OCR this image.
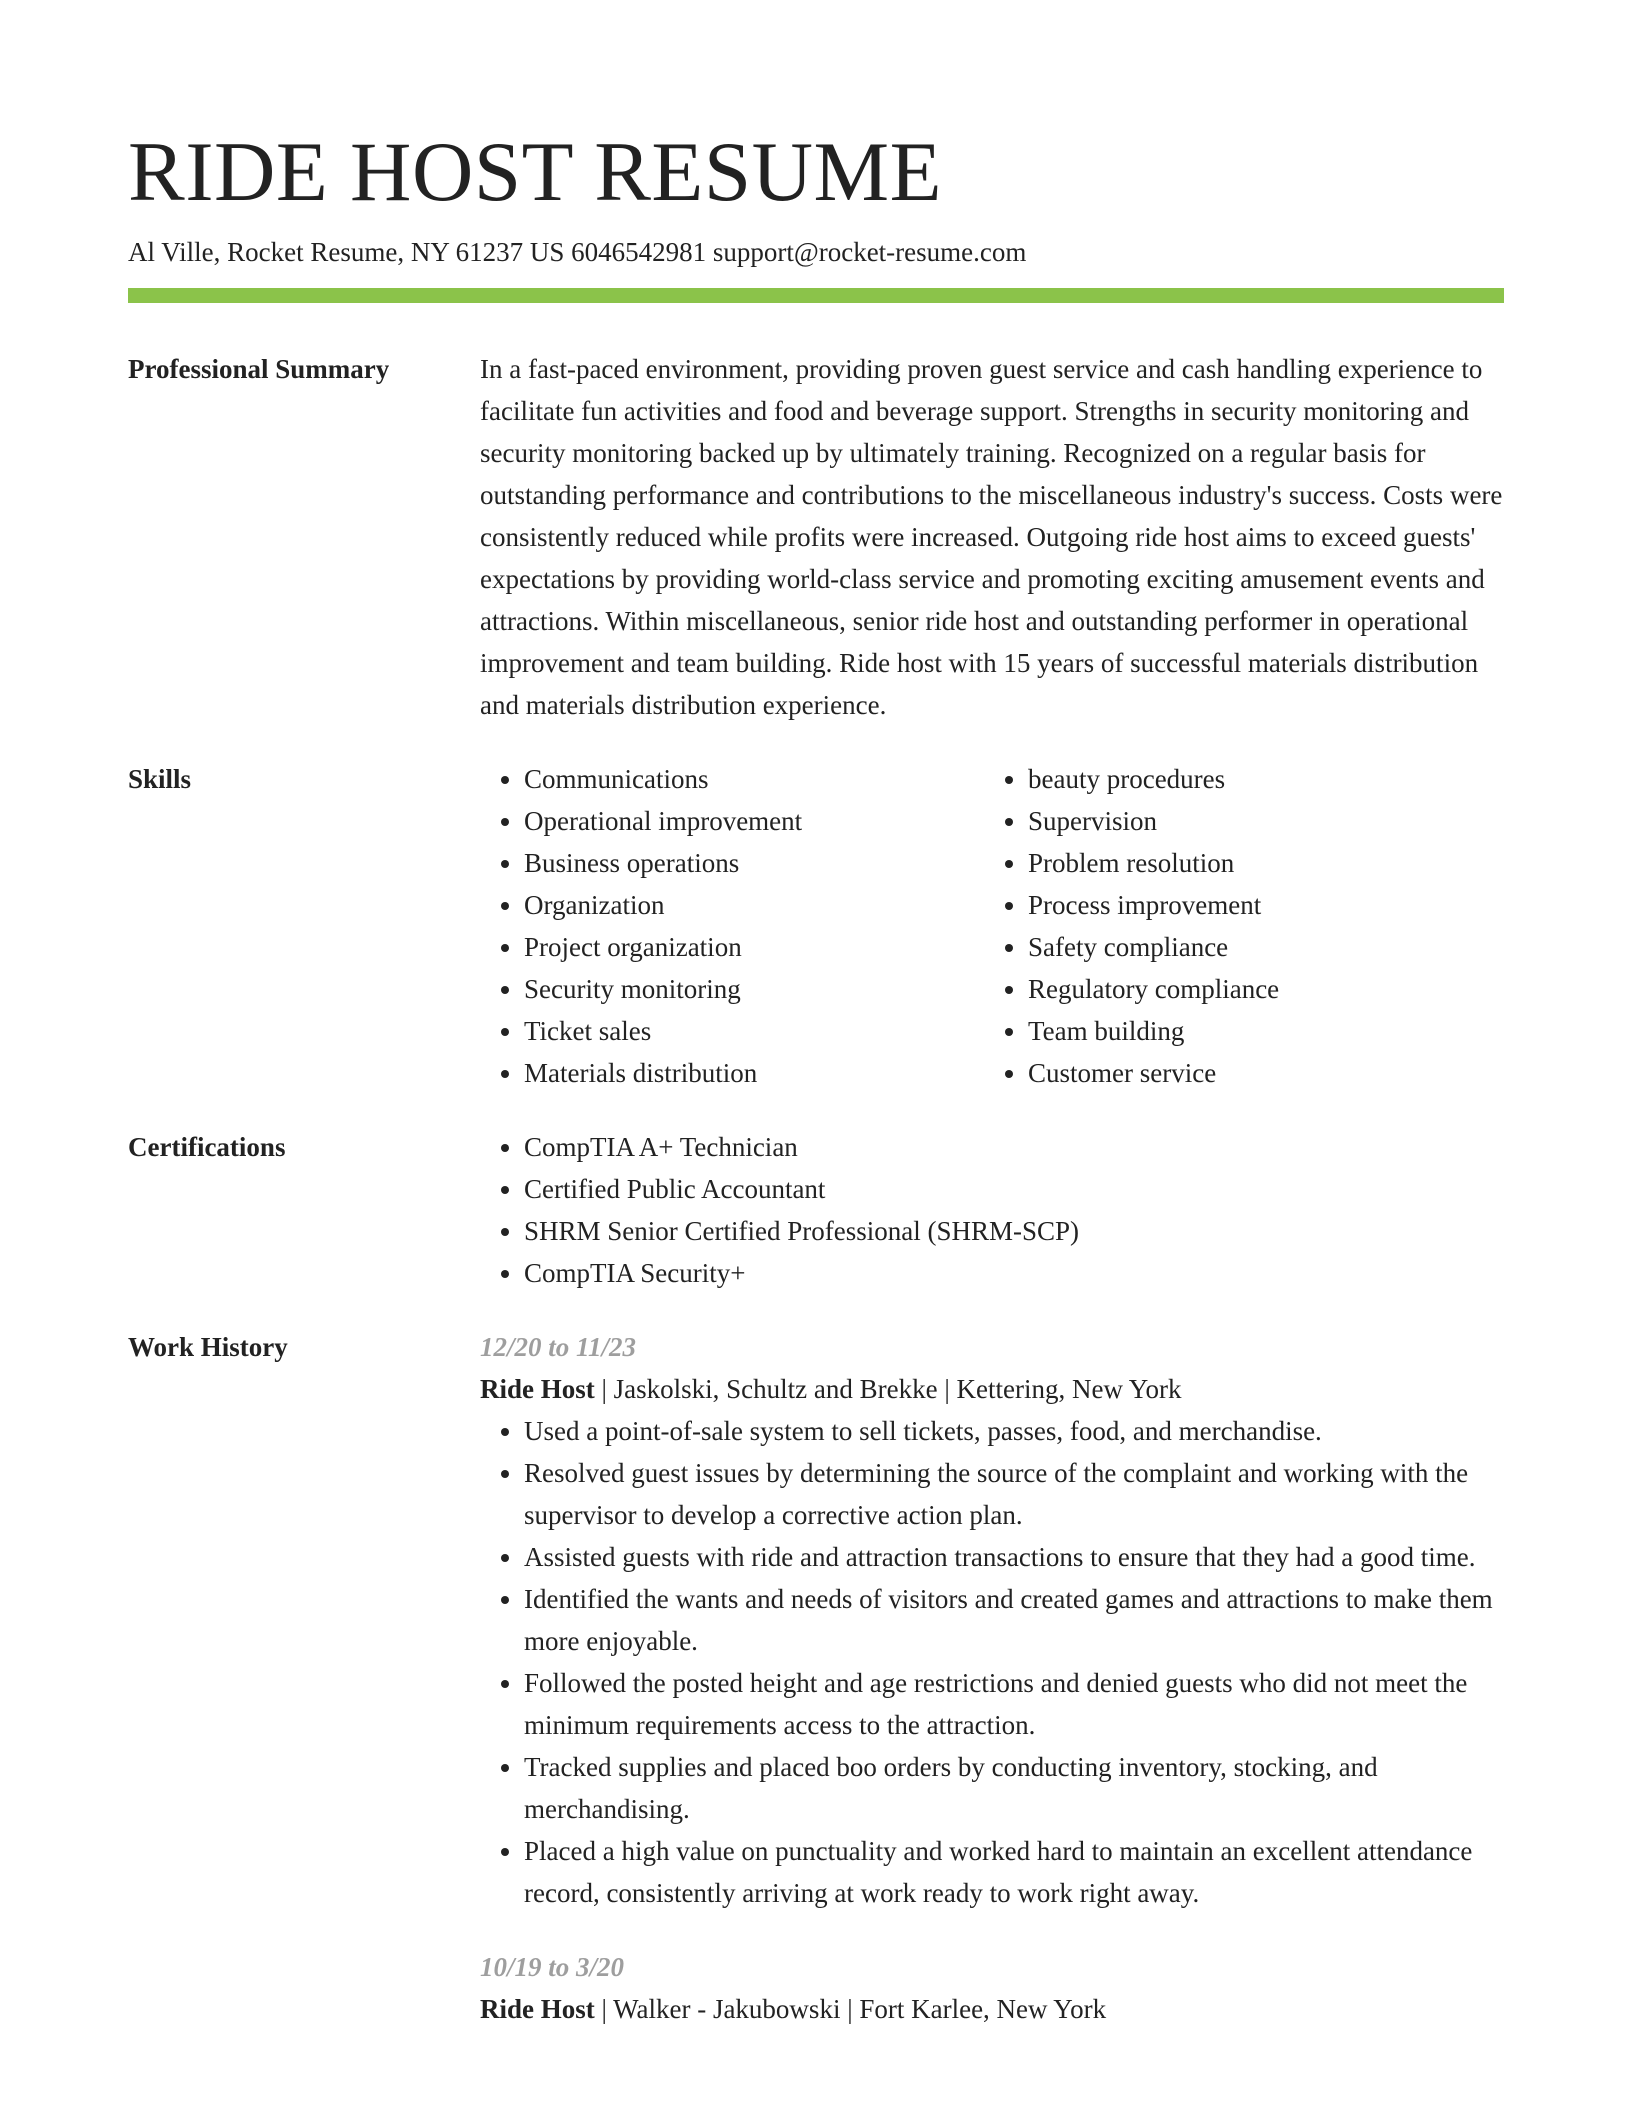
RIDE HOST RESUME
Al Ville, Rocket Resume, NY 61237 US 6046542981 support@rocket-resume.com
Professional Summary	In a fast-paced environment, providing proven guest service and cash handling experience to facilitate fun activities and food and beverage support. Strengths in security monitoring and security monitoring backed up by ultimately training. Recognized on a regular basis for outstanding performance and contributions to the miscellaneous industry's success. Costs were consistently reduced while profits were increased. Outgoing ride host aims to exceed guests' expectations by providing world-class service and promoting exciting amusement events and attractions. Within miscellaneous, senior ride host and outstanding performer in operational improvement and team building. Ride host with 15 years of successful materials distribution and materials distribution experience.

Skills	• Communications
• Operational improvement
• Business operations
• Organization
• Project organization
• Security monitoring
• Ticket sales
• Materials distribution
• beauty procedures
• Supervision
• Problem resolution
• Process improvement
• Safety compliance
• Regulatory compliance
• Team building
• Customer service
Certifications	• CompTIA A+ Technician
• Certified Public Accountant
• SHRM Senior Certified Professional (SHRM-SCP)
• CompTIA Security+
Work History	12/20 to 11/23
Ride Host | Jaskolski, Schultz and Brekke | Kettering, New York
• Used a point-of-sale system to sell tickets, passes, food, and merchandise.
• Resolved guest issues by determining the source of the complaint and working with the supervisor to develop a corrective action plan.
• Assisted guests with ride and attraction transactions to ensure that they had a good time.
• Identified the wants and needs of visitors and created games and attractions to make them more enjoyable.
• Followed the posted height and age restrictions and denied guests who did not meet the minimum requirements access to the attraction.
• Tracked supplies and placed boo orders by conducting inventory, stocking, and merchandising.
• Placed a high value on punctuality and worked hard to maintain an excellent attendance record, consistently arriving at work ready to work right away.
10/19 to 3/20
Ride Host | Walker - Jakubowski | Fort Karlee, New York
